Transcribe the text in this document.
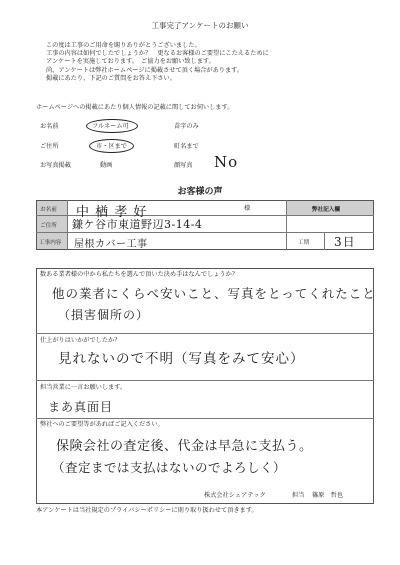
工事完了アンケートのお願い
この度は工事のご用命を賜りありがとうございました。
工事の内容は如何でしたでしょうか？　更なるお客様のご要望にこたえるために
アンケートを実施しております。　ご協力をお願い致します。
尚、アンケートは弊社ホームページに掲載させて頂く場合があります。
掲載にあたり、下記のご質問をお答え下さい。
ホームページへの掲載にあたり個人情報の記載に関してお伺いします。
お名前	フルネーム可	苗字のみ
ご住所	市・区まで	町名まで
お写真掲載	動画	顔写真 No
お客様の声
お名前 中 楢 孝 好	様	弊社記入欄
ご住所 鎌ケ谷市東道野辺3-14-4
工事内容 屋根カバー工事	工期 3日
数ある業者様の中から私たちを選んで頂いた決め手はなんでしょうか？
他の業者にくらべ安いこと、写真をとってくれたこと
（損害個所の）
仕上がりはいかがでしたか？
見れないので不明（写真をみて安心）
担当営業に一言お願いします。
まあ真面目
弊社へのご要望等があればご記入ください。
保険会社の査定後、代金は早急に支払う。
（査定までは支払はないのでよろしく）
株式会社シェアテック	担当 篠原　哲也
本アンケートは当社規定のプライバシーポリシーに則り取り扱わせて頂きます。
